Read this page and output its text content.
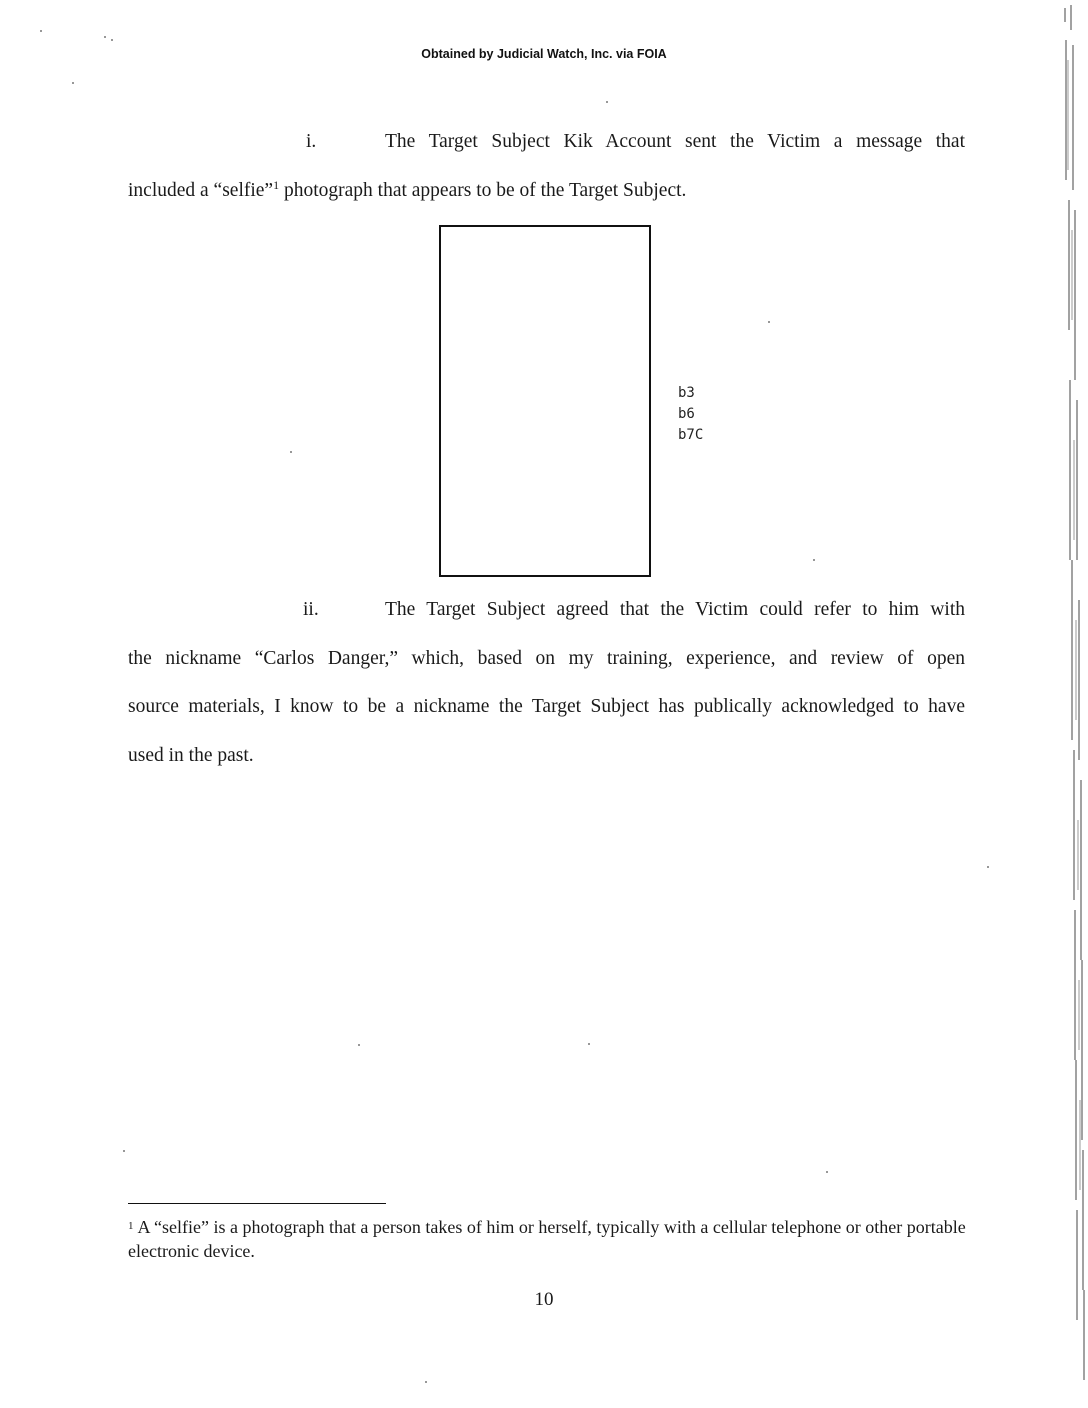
Obtained by Judicial Watch, Inc. via FOIA
i.	The Target Subject Kik Account sent the Victim a message that
included a “selfie”$^1$ photograph that appears to be of the Target Subject.
b3
b6
b7C
ii.	The Target Subject agreed that the Victim could refer to him with
the nickname “Carlos Danger,” which, based on my training, experience, and review of open
source materials, I know to be a nickname the Target Subject has publically acknowledged to have
used in the past.
$^1$ A “selfie” is a photograph that a person takes of him or herself, typically with a cellular telephone or other portable electronic device.
10
